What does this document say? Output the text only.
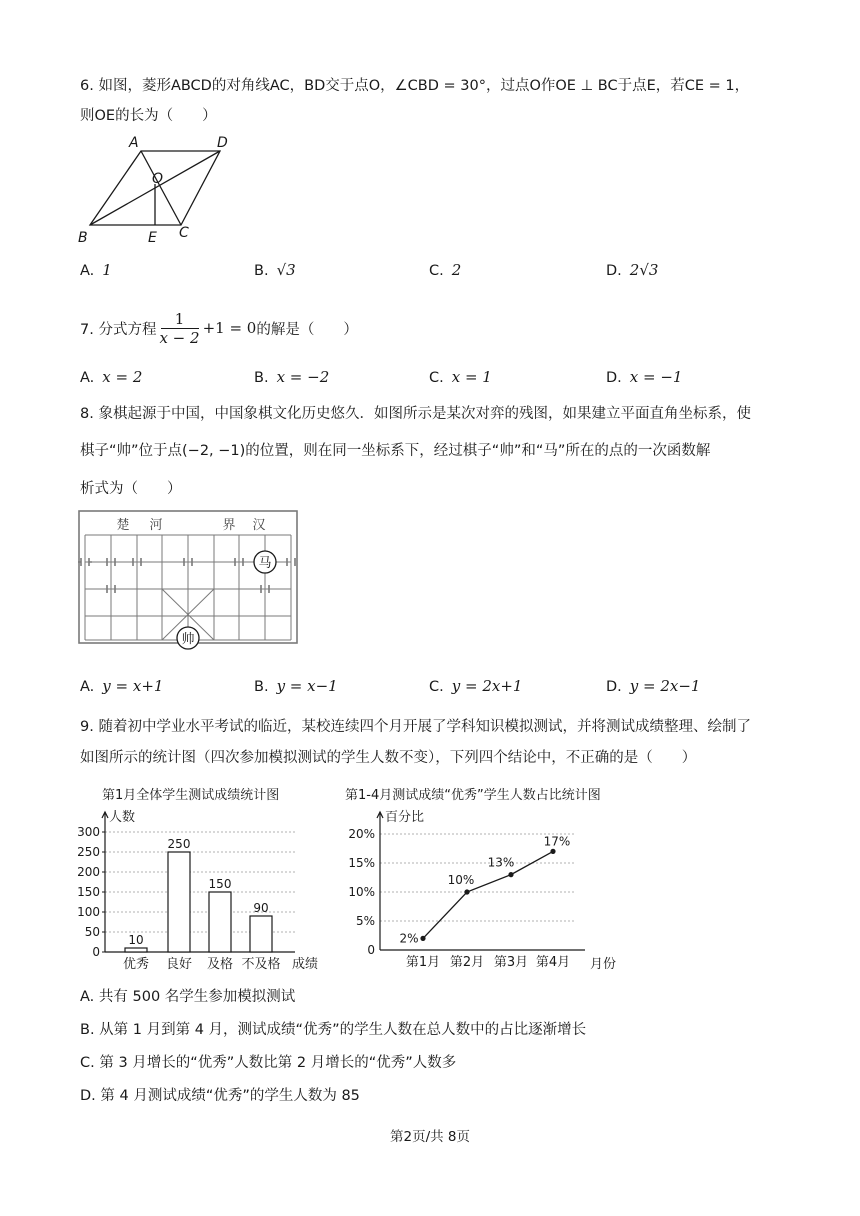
6. 如图，菱形ABCD的对角线AC，BD交于点O，∠CBD = 30°，过点O作OE ⊥ BC于点E，若CE = 1，
则OE的长为（　　）
A	D
O
B	E C
A. 1	B. √3	C. 2	D. 2√3
7. 分式方程
1
x − 2
+1 = 0 的解是（　　）
A. x = 2	B. x = −2	C. x = 1	D. x = −1
8. 象棋起源于中国，中国象棋文化历史悠久．如图所示是某次对弈的残图，如果建立平面直角坐标系，使
棋子“帅”位于点(−2, −1)的位置，则在同一坐标系下，经过棋子“帅”和“马”所在的点的一次函数解
析式为（　　）
楚 河	界 汉
马
帅
A. y = x+1	B. y = x−1	C. y = 2x+1	D. y = 2x−1
9. 随着初中学业水平考试的临近，某校连续四个月开展了学科知识模拟测试，并将测试成绩整理、绘制了
如图所示的统计图（四次参加模拟测试的学生人数不变），下列四个结论中，不正确的是（　　）
第1月全体学生测试成绩统计图
0
50
100
150
200
250
300
10
250
150
90
优秀 良好 及格 不及格
人数
成绩
第1-4月测试成绩“优秀”学生人数占比统计图
0
5%
10%
15%
20%
2%
10%
13%
17%
第1月 第2月 第3月 第4月
百分比
月份
A. 共有 500 名学生参加模拟测试
B. 从第 1 月到第 4 月，测试成绩“优秀”的学生人数在总人数中的占比逐渐增长
C. 第 3 月增长的“优秀”人数比第 2 月增长的“优秀”人数多
D. 第 4 月测试成绩“优秀”的学生人数为 85
第2页/共 8页
